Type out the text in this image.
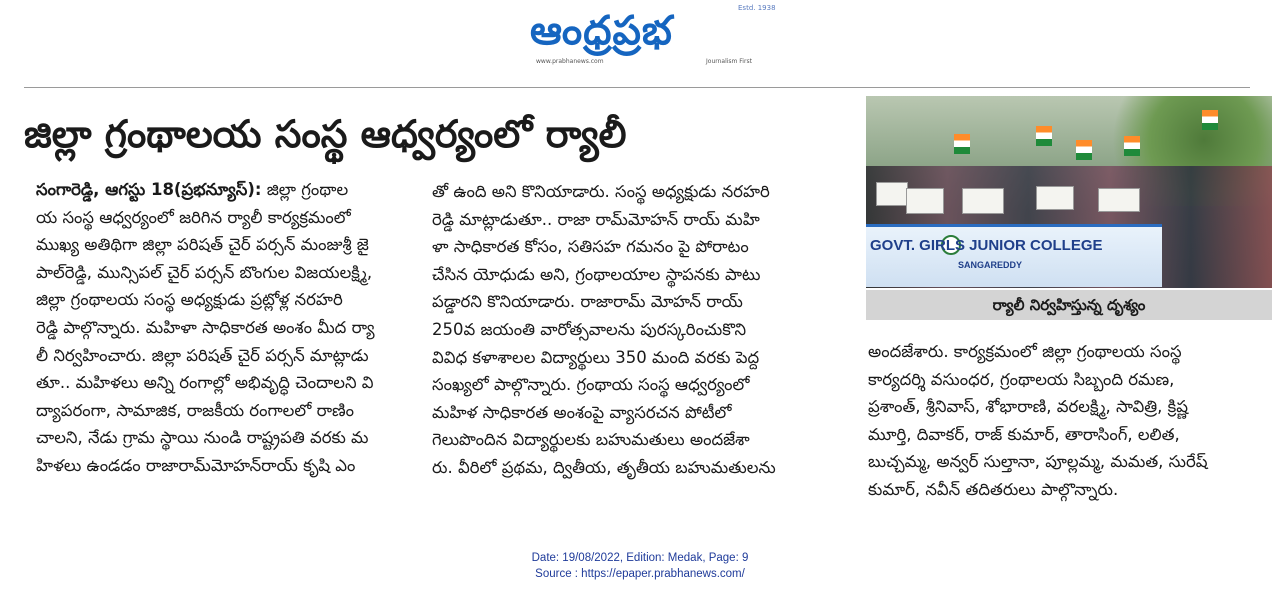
Estd. 1938
ఆంధ్రప్రభ
www.prabhanews.com	Journalism First
జిల్లా గ్రంథాలయ సంస్థ ఆధ్వర్యంలో ర్యాలీ
సంగారెడ్డి, ఆగస్టు 18(ప్రభన్యూస్): జిల్లా గ్రంథాల
య సంస్థ ఆధ్వర్యంలో జరిగిన ర్యాలీ కార్యక్రమంలో
ముఖ్య అతిథిగా జిల్లా పరిషత్ చైర్ పర్సన్ మంజుశ్రీ జై
పాల్‌రెడ్డి, మున్సిపల్ చైర్ పర్సన్ బొంగుల విజయలక్ష్మి,
జిల్లా గ్రంథాలయ సంస్థ అధ్యక్షుడు ప్రట్లోళ్ల నరహరి
రెడ్డి పాల్గొన్నారు. మహిళా సాధికారత అంశం మీద ర్యా
లీ నిర్వహించారు. జిల్లా పరిషత్ చైర్ పర్సన్ మాట్లాడు
తూ.. మహిళలు అన్ని రంగాల్లో అభివృద్ధి చెందాలని వి
ద్యాపరంగా, సామాజిక, రాజకీయ రంగాలలో రాణిం
చాలని, నేడు గ్రామ స్థాయి నుండి రాష్ట్రపతి వరకు మ
హిళలు ఉండడం రాజారామ్‌మోహన్‌రాయ్ కృషి ఎం
తో ఉంది అని కొనియాడారు. సంస్థ అధ్యక్షుడు నరహరి
రెడ్డి మాట్లాడుతూ.. రాజా రామ్‌మోహన్ రాయ్ మహి
ళా సాధికారత కోసం, సతిసహ గమనం పై పోరాటం
చేసిన యోధుడు అని, గ్రంథాలయాల స్థాపనకు పాటు
పడ్డారని కొనియాడారు. రాజారామ్ మోహన్ రాయ్
250వ జయంతి వారోత్సవాలను పురస్కరించుకొని
వివిధ కళాశాలల విద్యార్థులు 350 మంది వరకు పెద్ద
సంఖ్యలో పాల్గొన్నారు. గ్రంథాయ సంస్థ ఆధ్వర్యంలో
మహిళ సాధికారత అంశంపై వ్యాసరచన పోటీలో
గెలుపొందిన విద్యార్థులకు బహుమతులు అందజేశా
రు. వీరిలో ప్రథమ, ద్వితీయ, తృతీయ బహుమతులను
GOVT. GIRLS JUNIOR COLLEGE
SANGAREDDY
ర్యాలీ నిర్వహిస్తున్న దృశ్యం
అందజేశారు. కార్యక్రమంలో జిల్లా గ్రంథాలయ సంస్థ
కార్యదర్శి వసుంధర, గ్రంథాలయ సిబ్బంది రమణ,
ప్రశాంత్, శ్రీనివాస్, శోభారాణి, వరలక్ష్మి, సావిత్రి, క్రిష్ణ
మూర్తి, దివాకర్, రాజ్ కుమార్, తారాసింగ్, లలిత,
బుచ్చమ్మ, అన్వర్ సుల్తానా, పూల్లమ్మ, మమత, సురేష్
కుమార్, నవీన్ తదితరులు పాల్గొన్నారు.
Date: 19/08/2022, Edition: Medak, Page: 9
Source : https://epaper.prabhanews.com/
